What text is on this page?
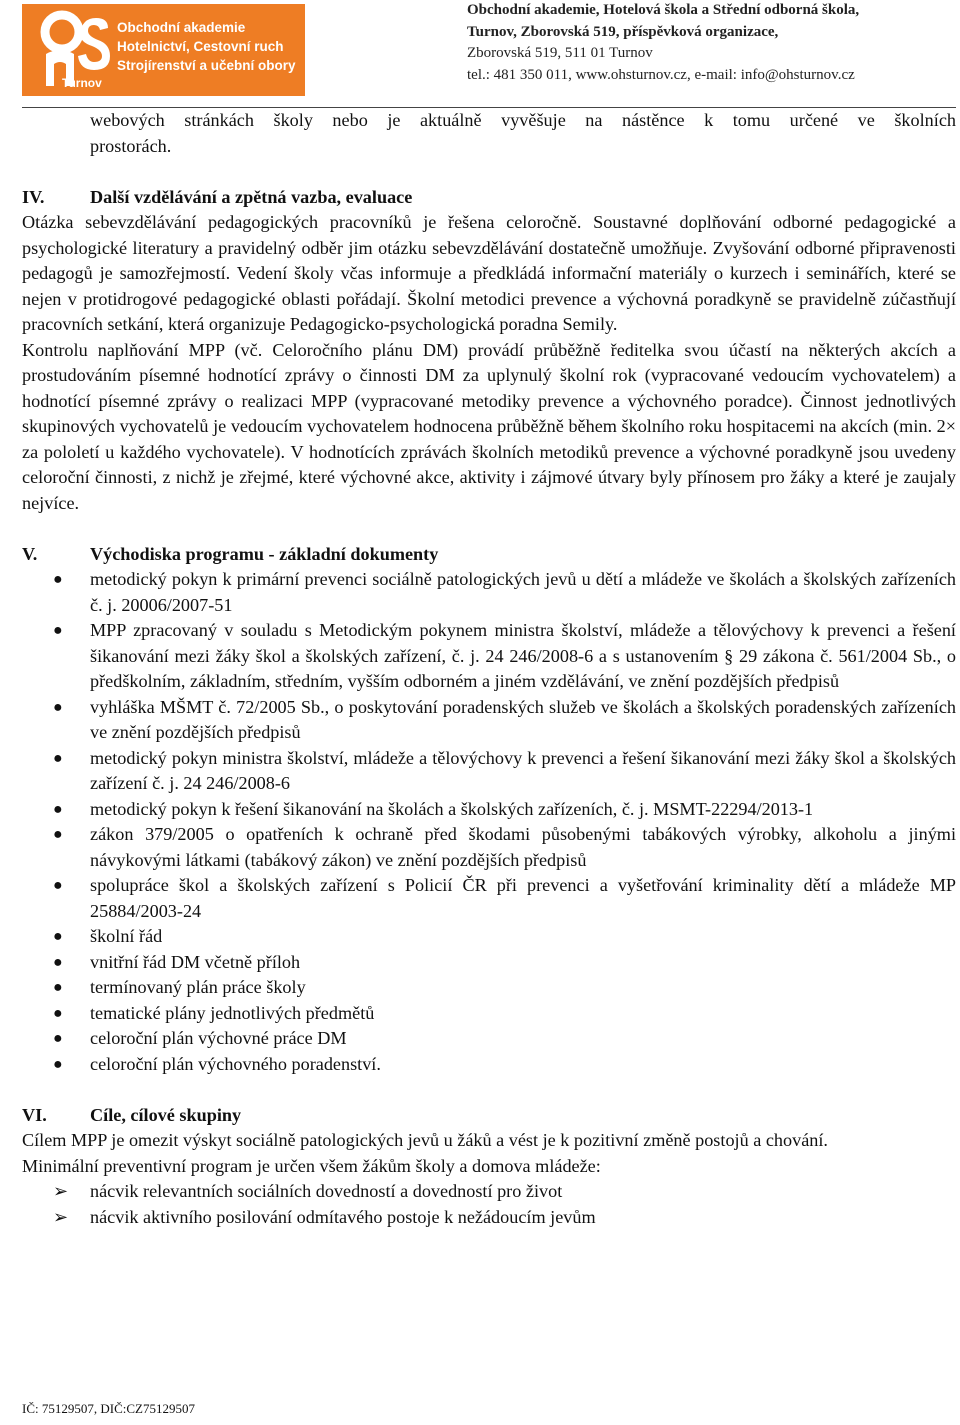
Obchodní akademie
Hotelnictví, Cestovní ruch
Strojírenství a učební obory
Turnov
Obchodní akademie, Hotelová škola a Střední odborná škola,
Turnov, Zborovská 519, příspěvková organizace,
Zborovská 519, 511 01 Turnov
tel.: 481 350 011, www.ohsturnov.cz, e-mail: info@ohsturnov.cz

webových stránkách školy nebo je aktuálně vyvěšuje na nástěnce k tomu určené ve školních

prostorách.

IV.	Další vzdělávání a zpětná vazba, evaluace

Otázka sebevzdělávání pedagogických pracovníků je řešena celoročně. Soustavné doplňování odborné pedagogické a psychologické literatury a pravidelný odběr jim otázku sebevzdělávání dostatečně umožňuje. Zvyšování odborné připravenosti pedagogů je samozřejmostí. Vedení školy včas informuje a předkládá informační materiály o kurzech i seminářích, které se nejen v protidrogové pedagogické oblasti pořádají. Školní metodici prevence a výchovná poradkyně se pravidelně zúčastňují pracovních setkání, která organizuje Pedagogicko-psychologická poradna Semily.

Kontrolu naplňování MPP (vč. Celoročního plánu DM) provádí průběžně ředitelka svou účastí na některých akcích a prostudováním písemné hodnotící zprávy o činnosti DM za uplynulý školní rok (vypracované vedoucím vychovatelem) a hodnotící písemné zprávy o realizaci MPP (vypracované metodiky prevence a výchovného poradce). Činnost jednotlivých skupinových vychovatelů je vedoucím vychovatelem hodnocena průběžně během školního roku hospitacemi na akcích (min. 2× za pololetí u každého vychovatele). V hodnotících zprávách školních metodiků prevence a výchovné poradkyně jsou uvedeny celoroční činnosti, z nichž je zřejmé, které výchovné akce, aktivity i zájmové útvary byly přínosem pro žáky a které je zaujaly nejvíce.

V.	Východiska programu - základní dokumenty
● metodický pokyn k primární prevenci sociálně patologických jevů u dětí a mládeže ve školách a školských zařízeních č. j. 20006/2007-51
● MPP zpracovaný v souladu s Metodickým pokynem ministra školství, mládeže a tělovýchovy k prevenci a řešení šikanování mezi žáky škol a školských zařízení, č. j. 24 246/2008-6 a s ustanovením § 29 zákona č. 561/2004 Sb., o předškolním, základním, středním, vyšším odborném a jiném vzdělávání, ve znění pozdějších předpisů
● vyhláška MŠMT č. 72/2005 Sb., o poskytování poradenských služeb ve školách a školských poradenských zařízeních ve znění pozdějších předpisů
● metodický pokyn ministra školství, mládeže a tělovýchovy k prevenci a řešení šikanování mezi žáky škol a školských zařízení č. j. 24 246/2008-6
● metodický pokyn k řešení šikanování na školách a školských zařízeních, č. j. MSMT-22294/2013-1
● zákon 379/2005 o opatřeních k ochraně před škodami působenými tabákových výrobky, alkoholu a jinými návykovými látkami (tabákový zákon) ve znění pozdějších předpisů
● spolupráce škol a školských zařízení s Policií ČR při prevenci a vyšetřování kriminality dětí a mládeže MP 25884/2003-24
● školní řád
● vnitřní řád DM včetně příloh
● termínovaný plán práce školy
● tematické plány jednotlivých předmětů
● celoroční plán výchovné práce DM
● celoroční plán výchovného poradenství.
VI. Cíle, cílové skupiny

Cílem MPP je omezit výskyt sociálně patologických jevů u žáků a vést je k pozitivní změně postojů a chování.

Minimální preventivní program je určen všem žákům školy a domova mládeže:

➢ nácvik relevantních sociálních dovedností a dovedností pro život
➢ nácvik aktivního posilování odmítavého postoje k nežádoucím jevům
IČ: 75129507, DIČ:CZ75129507
